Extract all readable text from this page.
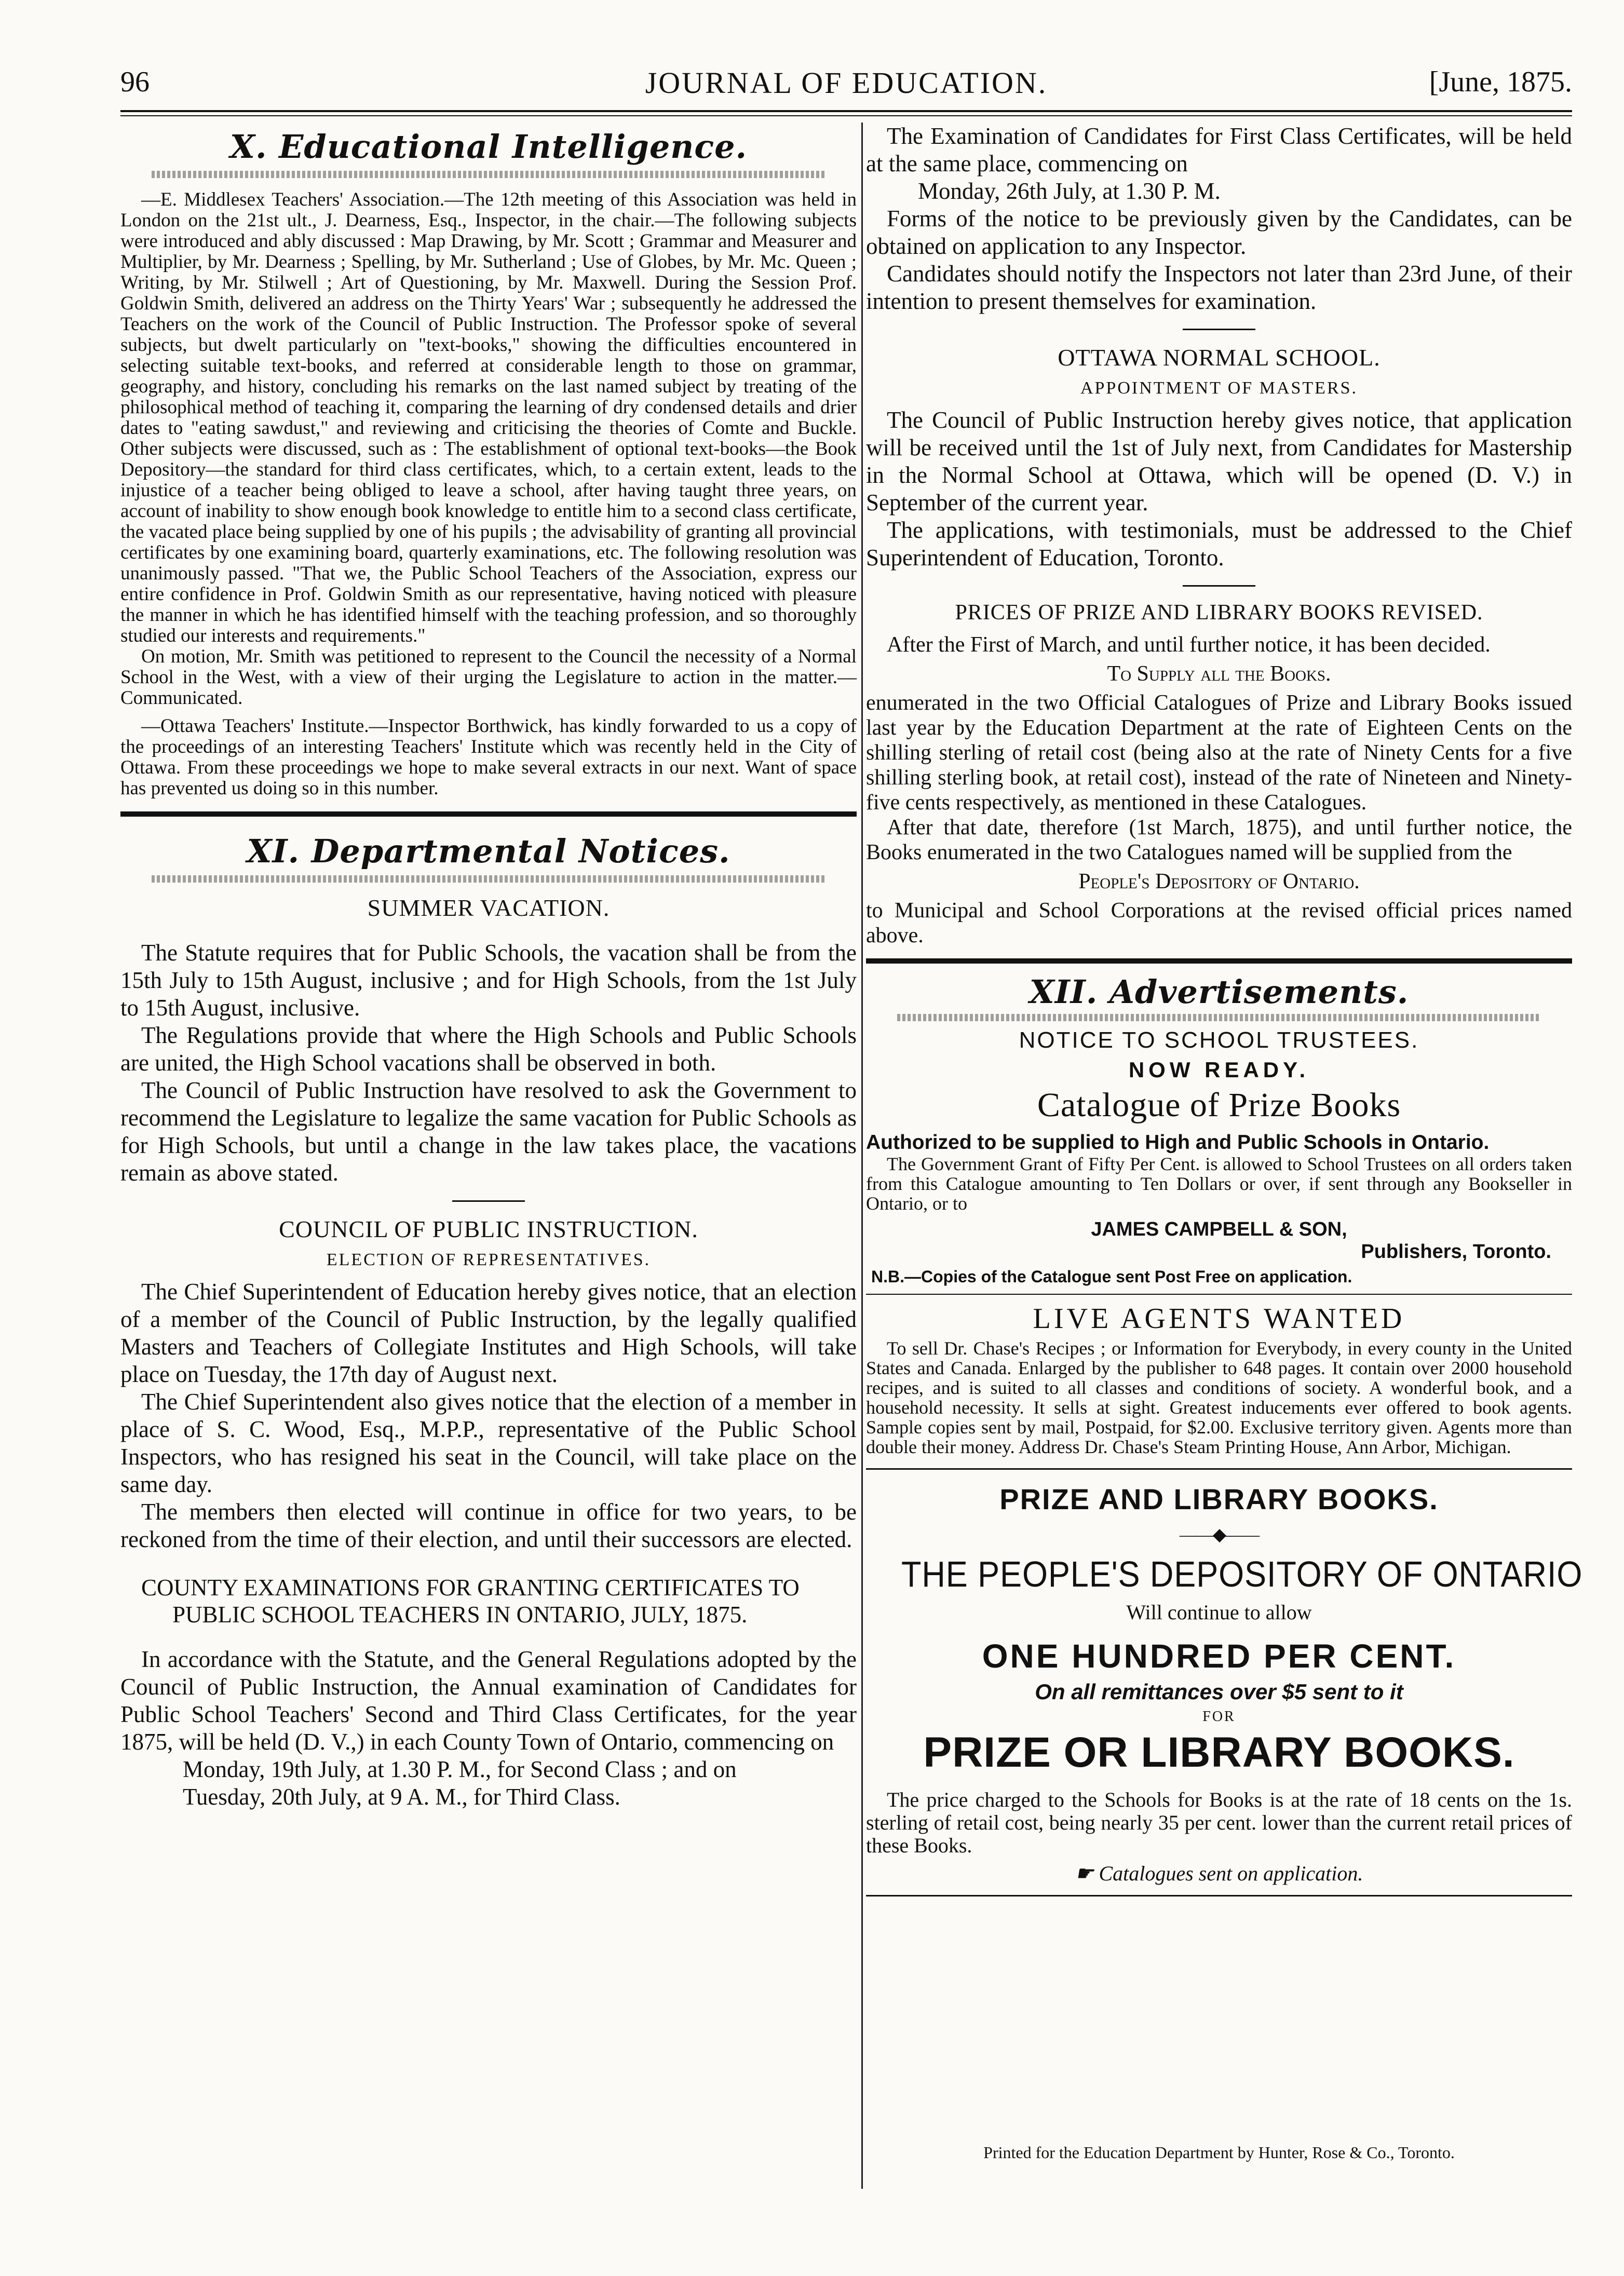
96	JOURNAL OF EDUCATION.	[June, 1875.
X. Educational Intelligence.

—E. Middlesex Teachers' Association.—The 12th meeting of this Association was held in London on the 21st ult., J. Dearness, Esq., Inspector, in the chair.—The following subjects were introduced and ably discussed : Map Drawing, by Mr. Scott ; Grammar and Measurer and Multiplier, by Mr. Dearness ; Spelling, by Mr. Sutherland ; Use of Globes, by Mr. Mc. Queen ; Writing, by Mr. Stilwell ; Art of Questioning, by Mr. Maxwell. During the Session Prof. Goldwin Smith, delivered an address on the Thirty Years' War ; subsequently he addressed the Teachers on the work of the Council of Public Instruction. The Professor spoke of several subjects, but dwelt particularly on "text-books," showing the difficulties encountered in selecting suitable text-books, and referred at considerable length to those on grammar, geography, and history, concluding his remarks on the last named subject by treating of the philosophical method of teaching it, comparing the learning of dry condensed details and drier dates to "eating sawdust," and reviewing and criticising the theories of Comte and Buckle. Other subjects were discussed, such as : The establishment of optional text-books—the Book Depository—the standard for third class certificates, which, to a certain extent, leads to the injustice of a teacher being obliged to leave a school, after having taught three years, on account of inability to show enough book knowledge to entitle him to a second class certificate, the vacated place being supplied by one of his pupils ; the advisability of granting all provincial certificates by one examining board, quarterly examinations, etc. The following resolution was unanimously passed. "That we, the Public School Teachers of the Association, express our entire confidence in Prof. Goldwin Smith as our representative, having noticed with pleasure the manner in which he has identified himself with the teaching profession, and so thoroughly studied our interests and requirements."

On motion, Mr. Smith was petitioned to represent to the Council the necessity of a Normal School in the West, with a view of their urging the Legislature to action in the matter.—Communicated.

—Ottawa Teachers' Institute.—Inspector Borthwick, has kindly forwarded to us a copy of the proceedings of an interesting Teachers' Institute which was recently held in the City of Ottawa. From these proceedings we hope to make several extracts in our next. Want of space has prevented us doing so in this number.

XI. Departmental Notices.
SUMMER VACATION.

The Statute requires that for Public Schools, the vacation shall be from the 15th July to 15th August, inclusive ; and for High Schools, from the 1st July to 15th August, inclusive.

The Regulations provide that where the High Schools and Public Schools are united, the High School vacations shall be observed in both.

The Council of Public Instruction have resolved to ask the Government to recommend the Legislature to legalize the same vacation for Public Schools as for High Schools, but until a change in the law takes place, the vacations remain as above stated.

COUNCIL OF PUBLIC INSTRUCTION.
ELECTION OF REPRESENTATIVES.

The Chief Superintendent of Education hereby gives notice, that an election of a member of the Council of Public Instruction, by the legally qualified Masters and Teachers of Collegiate Institutes and High Schools, will take place on Tuesday, the 17th day of August next.

The Chief Superintendent also gives notice that the election of a member in place of S. C. Wood, Esq., M.P.P., representative of the Public School Inspectors, who has resigned his seat in the Council, will take place on the same day.

The members then elected will continue in office for two years, to be reckoned from the time of their election, and until their successors are elected.

COUNTY EXAMINATIONS FOR GRANTING CERTIFICATES TO PUBLIC SCHOOL TEACHERS IN ONTARIO, JULY, 1875.

In accordance with the Statute, and the General Regulations adopted by the Council of Public Instruction, the Annual examination of Candidates for Public School Teachers' Second and Third Class Certificates, for the year 1875, will be held (D. V.,) in each County Town of Ontario, commencing on

Monday, 19th July, at 1.30 P. M., for Second Class ; and on

Tuesday, 20th July, at 9 A. M., for Third Class.

The Examination of Candidates for First Class Certificates, will be held at the same place, commencing on

Monday, 26th July, at 1.30 P. M.

Forms of the notice to be previously given by the Candidates, can be obtained on application to any Inspector.

Candidates should notify the Inspectors not later than 23rd June, of their intention to present themselves for examination.

OTTAWA NORMAL SCHOOL.
APPOINTMENT OF MASTERS.

The Council of Public Instruction hereby gives notice, that application will be received until the 1st of July next, from Candidates for Mastership in the Normal School at Ottawa, which will be opened (D. V.) in September of the current year.

The applications, with testimonials, must be addressed to the Chief Superintendent of Education, Toronto.

PRICES OF PRIZE AND LIBRARY BOOKS REVISED.

After the First of March, and until further notice, it has been decided.

To Supply all the Books.

enumerated in the two Official Catalogues of Prize and Library Books issued last year by the Education Department at the rate of Eighteen Cents on the shilling sterling of retail cost (being also at the rate of Ninety Cents for a five shilling sterling book, at retail cost), instead of the rate of Nineteen and Ninety-five cents respectively, as mentioned in these Catalogues.

After that date, therefore (1st March, 1875), and until further notice, the Books enumerated in the two Catalogues named will be supplied from the

People's Depository of Ontario.

to Municipal and School Corporations at the revised official prices named above.

XII. Advertisements.
NOTICE TO SCHOOL TRUSTEES.
NOW READY.
Catalogue of Prize Books
Authorized to be supplied to High and Public Schools in Ontario.

The Government Grant of Fifty Per Cent. is allowed to School Trustees on all orders taken from this Catalogue amounting to Ten Dollars or over, if sent through any Bookseller in Ontario, or to

JAMES CAMPBELL & SON,
Publishers, Toronto.
N.B.—Copies of the Catalogue sent Post Free on application.
LIVE AGENTS WANTED

To sell Dr. Chase's Recipes ; or Information for Everybody, in every county in the United States and Canada. Enlarged by the publisher to 648 pages. It contain over 2000 household recipes, and is suited to all classes and conditions of society. A wonderful book, and a household necessity. It sells at sight. Greatest inducements ever offered to book agents. Sample copies sent by mail, Postpaid, for $2.00. Exclusive territory given. Agents more than double their money. Address Dr. Chase's Steam Printing House, Ann Arbor, Michigan.

PRIZE AND LIBRARY BOOKS.
——◆——
THE PEOPLE'S DEPOSITORY OF ONTARIO
Will continue to allow
ONE HUNDRED PER CENT.
On all remittances over $5 sent to it
FOR
PRIZE OR LIBRARY BOOKS.

The price charged to the Schools for Books is at the rate of 18 cents on the 1s. sterling of retail cost, being nearly 35 per cent. lower than the current retail prices of these Books.

☛ Catalogues sent on application.
Printed for the Education Department by Hunter, Rose & Co., Toronto.
